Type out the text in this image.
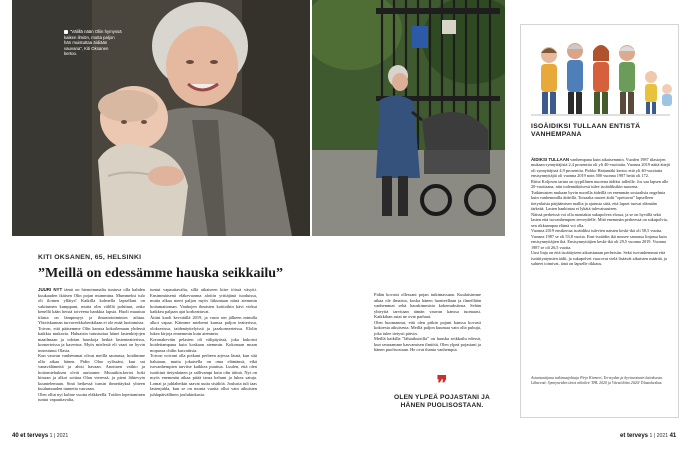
”Välillä nään Oliin hymyssä kaiken ilmiön, mutta paljon hän muistuttaa äidiään vauvana”, Kiti Oksanen kertoo.
KITI OKSANEN, 65, HELSINKI
”Meillä on edessämme hauska seikkailu”

JUURI NYT tämä on hienoimmalta tuntuva olla kahden kuukauden ikäisen Olin pojan mummina. Mummeksi tulo oli iloinen yllätys! Kaikilla kolmella lapsellani on vakituinen kumppani, mutta olin välillä pohtinut, onko kenellä kään heistä toiveena hankkia lapsia. Huoli muuttuu tilasta on lämpimyyt ja ilmastotoimintos aihtaa. Yhteiskunnan turvaverkkohenkilaan ei ole enää luottamista.

Toivon, että pääsemme Olin kanssa kokoilemaan yhdessä kaikkia mukavia. Haluaisin tutustuttaa hänet lastenkirjojen maailmaan ja odotan hauskoja hetkiä lastenteatterissa, konserteissa ja kaverina. Myös mielestä eli vaari on hyvin innostunut Olasta.

Kun vauvan vanhemmat olivat meillä saunassa, hoidimme ollu aikaa hänen. Pidin Olaa sylissäni, kun sai vanavälämeitä ja ahtsi havaan. Anoituen vaihto ja hoitomiehuksen olvät aurtoaner. Muuutkin.kertoi hoki kituran ja alkoi soittaa Olan vieressä, ja pieni lähtevyin kuuntelemaan. Sinä hetkessä tunsin ihmettäyksä yhteen kuulumuuden tunnetta vauvaan.

Olen ollut nyt kolme vuotta eläkkeellä. Toiden lopettaminen tuntui vapauttavalta,

tuntui vapauttavalta, sillä aikaiseen kiire töissä väsytti. Ensimmäisenä eläkevuonna aloitin yrittäjänä tuoduissa, mutta alkaa meni paljon myös liikuntaan niinä aiemmin hoitamattoman. Vanhojen ihmisten koittoihin kävi viekui kaikkea paljaan ajat korkeattuvat.

Äitini kuoli kevväällä 2019, ja vasta sen jälkeen minulla alkoi vapaa. Käimme miehemi kanssa paljon teatterissa, oloksesissa, taidenäyttelyissä ja jazzkonserteissa. Elolin lukea kirjoja ennemmin kuin aiemmin.

Koronakeväin pelasten oli välipäyässä, joka kukoisti hoidettampana kuin koskaan aiemmin. Kokonaan muun mopassa chilin kasvattista.

Toivon voivani olla poikani perheen arjessa läsnä, kun sitä halutaan, mutta jokaisella on oma elämänsä, eikä isovanhempien tarvitse kaikkea puuttua. Luulen, että olen isoäitinä tietynlainen ja sallivampi kuin olin äitinä. Nyt on myös enemmän aikaa pitää tarua kehuni ja lukea satuja. Lomat ja juhlahetkin saavat uutta sisältöä. Joulusta tuli taas lastenjuhla, kun se on monta vuotta ollut vain aikuisten juhlapäivällinen joulukinkusta.

Pidän kovasti ollessani pojan tutkimassaan. Kuulaisimme aikaa ole ilmaista, koska hänen luonteellaan ja ilmeillään vanhemmat sekä hauskimmista kokemuksiinsa. Sehän yhteyttä tarvitaan tämän vauvan kanssa tuomaasi. Kaikkihan asiat ne ovat parhaat.

Olen huomannut, että olen pitkin pojani kanssa kovasti kokoesta aikuisesta. Meillä paljon kuumaa vain olla puhuja, joka tulee tietysti päivin.

Meillä kaikilla ”lähiaikuisilla” on hauska seikkailu edessä, kun seuraamme kasvamisen ilmiötä. Olen ylpeä pojastani ja hänen puolisostaan. He ovat ihania vanhempia.

❞
OLEN YLPEÄ POJASTANI JA HÄNEN PUOLISOSTAAN.
ISOÄIDIKSI TULLAAN ENTISTÄ VANHEMPANA

ÄIDIKSI TULLAAN vanhempana kuin aikaisemmin. Vuoden 1987 tilastojen mukaan synnyttäjistä 2,4 prosenttia oli yli 40-vuotiaita. Vuonna 2019 näitä äitejä oli synnyttäjistä 4,9 prosenttia. Pirkko Haitamäki kertoo että yli 40-vuotiaita ensisynnyttäjiä oli vuonna 2019 noin 500 vuonna 1987 heitä oli 172.

Riitta Koljosen tarina on tyypillinen nuorena äidiksi tulleille. Jos saa lapsen alle 20-vuotiaana, niin todennäköisesti tulee isoäidiksikin nuorena.

Tutkimusten mukaan hyvin nuorilla äideillä on enemmän sosiaalisia ongelmia kuin vanhemmilla äideillä. Toisaalta nuoret äidit ”opettavat” lapselleen tietynlaista pärjäämisen mallia ja ajatusta siitä, että lapset tuovat elämään tärkeää. Lasten hankintaa ei lykätä tulevaisuuteen.

Näissä perheissä voi olla montakin sukupolvea elossa, ja se on hyvällä sekä lasten että isovanhempien terveydelle. Mitä enemmän perheessä on sukupolvia, sen rikkaampaa elämä voi olla.

Vuonna 2019 ensikertaa isoäidiksi tulevien naisten keski-ikä oli 58,5 vuotta. Vuonna 1987 se oli 53,8 vuotta. Ensi-isoäidin ikä nousee samassa linjassa kuin ensisynnyttäjien ikä. Ensisynnyttäjien keski-ikä oli 29,5 vuonna 2019. Vuonna 1987 se oli 26,5 vuotta.

Uusi linja on että isoäitiyteen aikuistutaan perheisiin. Sekä isovanhemmat että isoäitiyntymien äidit, ja sukupolvet vuorovat vielä lisäävät aikuisten määrää, ja suhteet toimivat, tänä on lapselle rikkaus.

Asiantuntijana tutkimusjohtaja Pirjo Kiemert, Terveyden ja hyvinvoinnin laitoksesta. Lähteenä: Synnyneiden tietot nikoilet/ THL 2020 ja Väestöliitto 2020/ Tilastokeskus.
40 et terveys 1 | 2021	et terveys 1 | 2021 41
